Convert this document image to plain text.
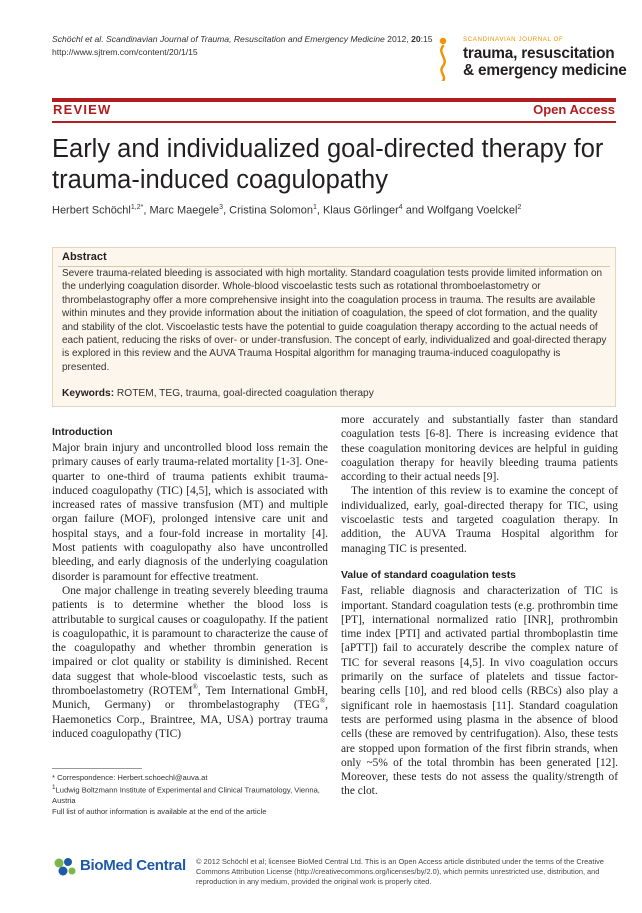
Schöchl et al. Scandinavian Journal of Trauma, Resuscitation and Emergency Medicine 2012, 20:15
http://www.sjtrem.com/content/20/1/15
SCANDINAVIAN JOURNAL OF
trauma, resuscitation
& emergency medicine
REVIEW	Open Access
Early and individualized goal-directed therapy for trauma-induced coagulopathy
Herbert Schöchl$^{1,2*}$, Marc Maegele$^3$, Cristina Solomon$^1$, Klaus Görlinger$^4$ and Wolfgang Voelckel$^2$
Abstract
Severe trauma-related bleeding is associated with high mortality. Standard coagulation tests provide limited information on the underlying coagulation disorder. Whole-blood viscoelastic tests such as rotational thromboelastometry or thrombelastography offer a more comprehensive insight into the coagulation process in trauma. The results are available within minutes and they provide information about the initiation of coagulation, the speed of clot formation, and the quality and stability of the clot. Viscoelastic tests have the potential to guide coagulation therapy according to the actual needs of each patient, reducing the risks of over- or under-transfusion. The concept of early, individualized and goal-directed therapy is explored in this review and the AUVA Trauma Hospital algorithm for managing trauma-induced coagulopathy is presented.
Keywords: ROTEM, TEG, trauma, goal-directed coagulation therapy
Introduction

Major brain injury and uncontrolled blood loss remain the primary causes of early trauma-related mortality [1-3]. One-quarter to one-third of trauma patients exhibit trauma-induced coagulopathy (TIC) [4,5], which is associated with increased rates of massive transfusion (MT) and multiple organ failure (MOF), prolonged intensive care unit and hospital stays, and a four-fold increase in mortality [4]. Most patients with coagulopathy also have uncontrolled bleeding, and early diagnosis of the underlying coagulation disorder is paramount for effective treatment.

One major challenge in treating severely bleeding trauma patients is to determine whether the blood loss is attributable to surgical causes or coagulopathy. If the patient is coagulopathic, it is paramount to characterize the cause of the coagulopathy and whether thrombin generation is impaired or clot quality or stability is diminished. Recent data suggest that whole-blood viscoelastic tests, such as thromboelastometry (ROTEM®, Tem International GmbH, Munich, Germany) or thrombelastography (TEG®, Haemonetics Corp., Braintree, MA, USA) portray trauma induced coagulopathy (TIC)

more accurately and substantially faster than standard coagulation tests [6-8]. There is increasing evidence that these coagulation monitoring devices are helpful in guiding coagulation therapy for heavily bleeding trauma patients according to their actual needs [9].

The intention of this review is to examine the concept of individualized, early, goal-directed therapy for TIC, using viscoelastic tests and targeted coagulation therapy. In addition, the AUVA Trauma Hospital algorithm for managing TIC is presented.

Value of standard coagulation tests

Fast, reliable diagnosis and characterization of TIC is important. Standard coagulation tests (e.g. prothrombin time [PT], international normalized ratio [INR], prothrombin time index [PTI] and activated partial thromboplastin time [aPTT]) fail to accurately describe the complex nature of TIC for several reasons [4,5]. In vivo coagulation occurs primarily on the surface of platelets and tissue factor-bearing cells [10], and red blood cells (RBCs) also play a significant role in haemostasis [11]. Standard coagulation tests are performed using plasma in the absence of blood cells (these are removed by centrifugation). Also, these tests are stopped upon formation of the first fibrin strands, when only ~5% of the total thrombin has been generated [12]. Moreover, these tests do not assess the quality/strength of the clot.

* Correspondence: Herbert.schoechl@auva.at
$^1$Ludwig Boltzmann Institute of Experimental and Clinical Traumatology, Vienna, Austria
Full list of author information is available at the end of the article
BioMed Central © 2012 Schöchl et al; licensee BioMed Central Ltd. This is an Open Access article distributed under the terms of the Creative Commons Attribution License (http://creativecommons.org/licenses/by/2.0), which permits unrestricted use, distribution, and reproduction in any medium, provided the original work is properly cited.
